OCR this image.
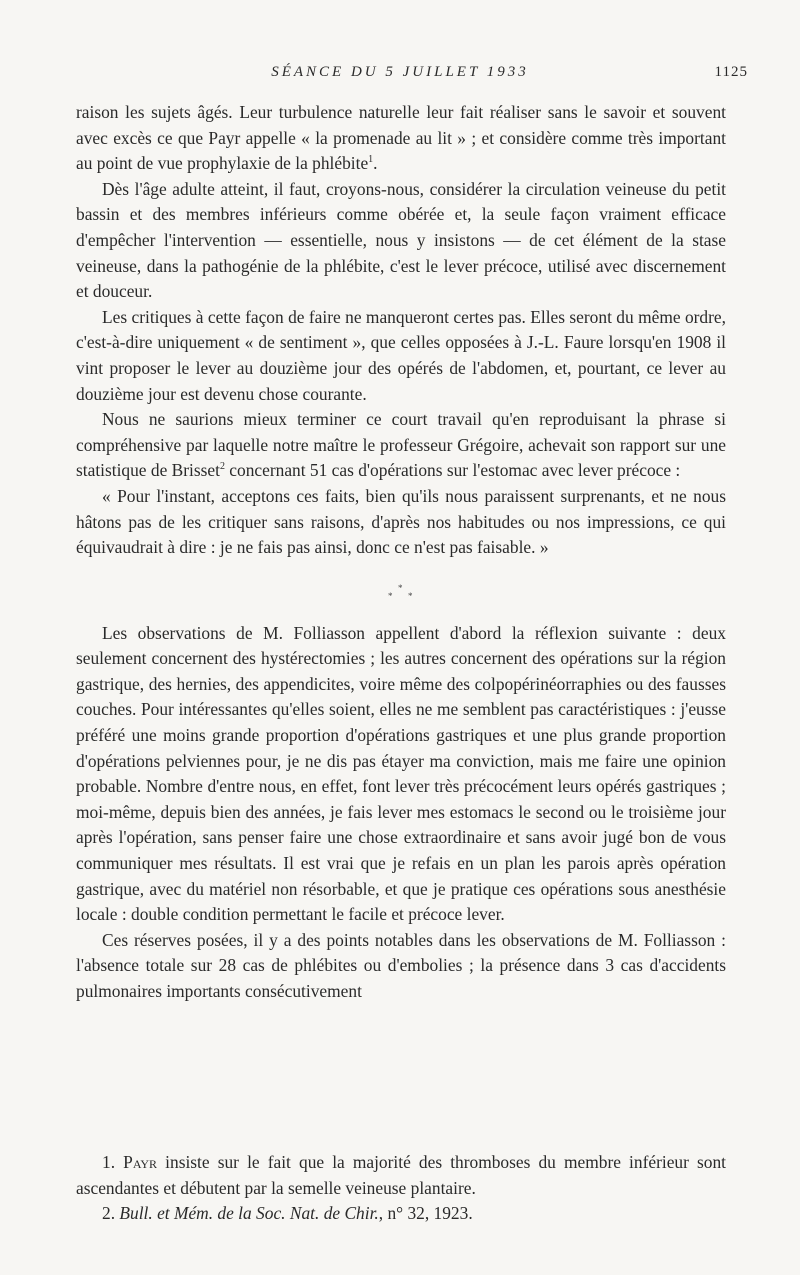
SÉANCE DU 5 JUILLET 1933	1125

raison les sujets âgés. Leur turbulence naturelle leur fait réaliser sans le savoir et souvent avec excès ce que Payr appelle « la promenade au lit » ; et considère comme très important au point de vue prophylaxie de la phlébite$^1$.

Dès l'âge adulte atteint, il faut, croyons-nous, considérer la circulation veineuse du petit bassin et des membres inférieurs comme obérée et, la seule façon vraiment efficace d'empêcher l'intervention — essentielle, nous y insistons — de cet élément de la stase veineuse, dans la pathogénie de la phlébite, c'est le lever précoce, utilisé avec discernement et douceur.

Les critiques à cette façon de faire ne manqueront certes pas. Elles seront du même ordre, c'est-à-dire uniquement « de sentiment », que celles opposées à J.-L. Faure lorsqu'en 1908 il vint proposer le lever au douzième jour des opérés de l'abdomen, et, pourtant, ce lever au douzième jour est devenu chose courante.

Nous ne saurions mieux terminer ce court travail qu'en reproduisant la phrase si compréhensive par laquelle notre maître le professeur Grégoire, achevait son rapport sur une statistique de Brisset$^2$ concernant 51 cas d'opérations sur l'estomac avec lever précoce :

« Pour l'instant, acceptons ces faits, bien qu'ils nous paraissent surprenants, et ne nous hâtons pas de les critiquer sans raisons, d'après nos habitudes ou nos impressions, ce qui équivaudrait à dire : je ne fais pas ainsi, donc ce n'est pas faisable. »

*
* *

Les observations de M. Folliasson appellent d'abord la réflexion suivante : deux seulement concernent des hystérectomies ; les autres concernent des opérations sur la région gastrique, des hernies, des appendicites, voire même des colpopérinéorraphies ou des fausses couches. Pour intéressantes qu'elles soient, elles ne me semblent pas caractéristiques : j'eusse préféré une moins grande proportion d'opérations gastriques et une plus grande proportion d'opérations pelviennes pour, je ne dis pas étayer ma conviction, mais me faire une opinion probable. Nombre d'entre nous, en effet, font lever très précocément leurs opérés gastriques ; moi-même, depuis bien des années, je fais lever mes estomacs le second ou le troisième jour après l'opération, sans penser faire une chose extraordinaire et sans avoir jugé bon de vous communiquer mes résultats. Il est vrai que je refais en un plan les parois après opération gastrique, avec du matériel non résorbable, et que je pratique ces opérations sous anesthésie locale : double condition permettant le facile et précoce lever.

Ces réserves posées, il y a des points notables dans les observations de M. Folliasson : l'absence totale sur 28 cas de phlébites ou d'embolies ; la présence dans 3 cas d'accidents pulmonaires importants consécutivement

1. Payr insiste sur le fait que la majorité des thromboses du membre inférieur sont ascendantes et débutent par la semelle veineuse plantaire.

2. Bull. et Mém. de la Soc. Nat. de Chir., n° 32, 1923.
